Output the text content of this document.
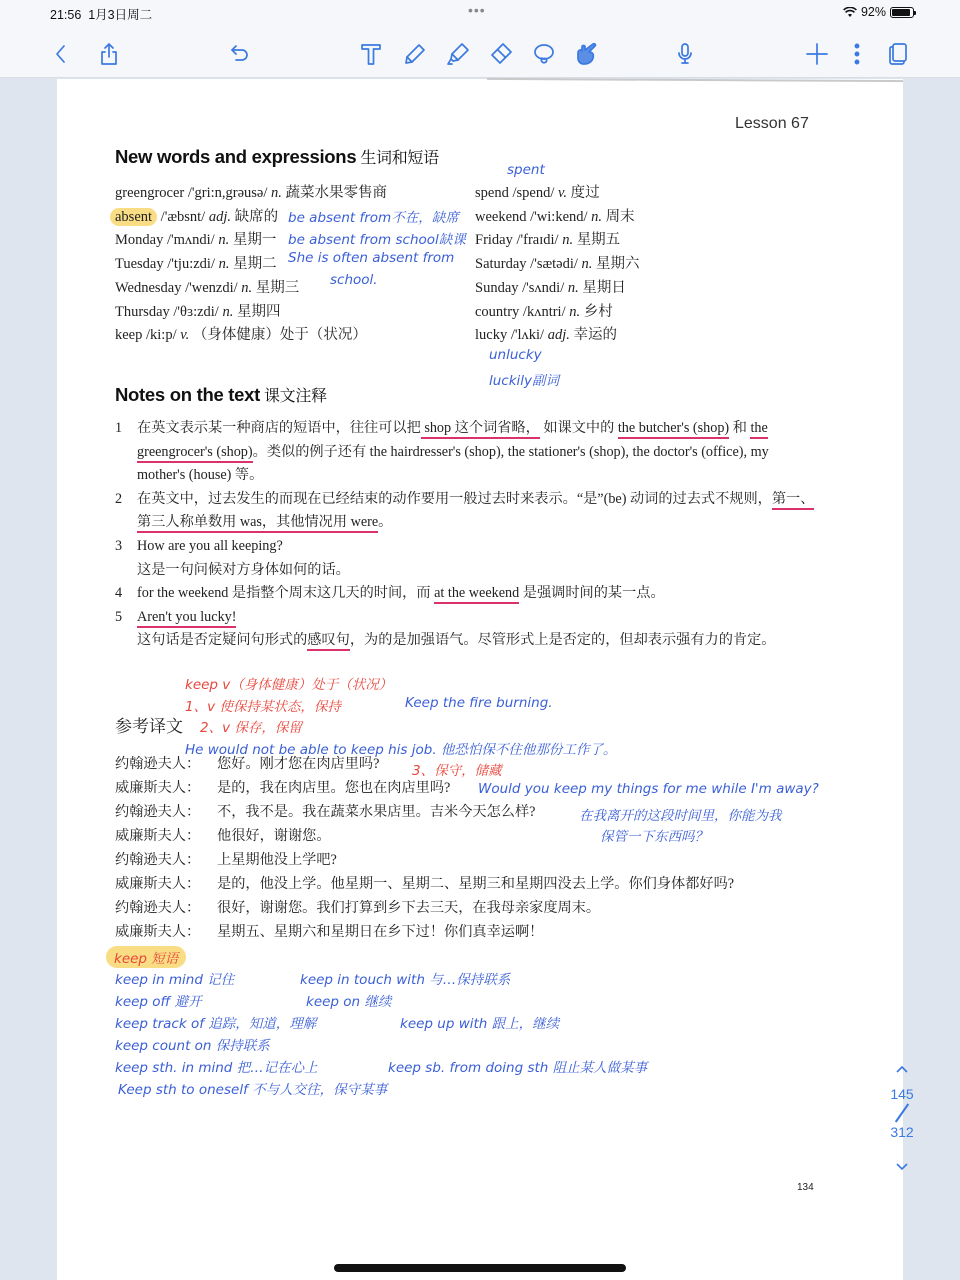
21:56 1月3日周二	•••	92%
Lesson 67
New words and expressions 生词和短语
greengrocer /'gri:n,grəusə/ n. 蔬菜水果零售商
absent /'æbsnt/ adj. 缺席的
Monday /'mʌndi/ n. 星期一
Tuesday /'tju:zdi/ n. 星期二
Wednesday /'wenzdi/ n. 星期三
Thursday /'θɜ:zdi/ n. 星期四
keep /ki:p/ v. （身体健康）处于（状况）
spend /spend/ v. 度过
weekend /'wi:kend/ n. 周末
Friday /'fraɪdi/ n. 星期五
Saturday /'sætədi/ n. 星期六
Sunday /'sʌndi/ n. 星期日
country /kʌntri/ n. 乡村
lucky /'lʌki/ adj. 幸运的
spent
be absent from不在，缺席
be absent from school缺课
She is often absent from
school.
unlucky
luckily副词
Notes on the text 课文注释
1 在英文表示某一种商店的短语中，往往可以把 shop 这个词省略， 如课文中的 the butcher's (shop) 和 the greengrocer's (shop)。类似的例子还有 the hairdresser's (shop), the stationer's (shop), the doctor's (office), my mother's (house) 等。
2 在英文中，过去发生的而现在已经结束的动作要用一般过去时来表示。“是”(be) 动词的过去式不规则，第一、第三人称单数用 was，其他情况用 were。
3 How are you all keeping?
这是一句问候对方身体如何的话。
4 for the weekend 是指整个周末这几天的时间，而 at the weekend 是强调时间的某一点。
5 Aren't you lucky!
这句话是否定疑问句形式的感叹句，为的是加强语气。尽管形式上是否定的，但却表示强有力的肯定。
keep v（身体健康）处于（状况）
1、v 使保持某状态，保持	Keep the fire burning.
2、v 保存，保留
He would not be able to keep his job. 他恐怕保不住他那份工作了。
3、保守，储藏
Would you keep my things for me while I'm away?
在我离开的这段时间里，你能为我
保管一下东西吗？
参考译文
约翰逊夫人： 您好。刚才您在肉店里吗?
威廉斯夫人： 是的，我在肉店里。您也在肉店里吗?
约翰逊夫人： 不，我不是。我在蔬菜水果店里。吉米今天怎么样?
威廉斯夫人： 他很好，谢谢您。
约翰逊夫人： 上星期他没上学吧?
威廉斯夫人： 是的，他没上学。他星期一、星期二、星期三和星期四没去上学。你们身体都好吗?
约翰逊夫人： 很好，谢谢您。我们打算到乡下去三天，在我母亲家度周末。
威廉斯夫人： 星期五、星期六和星期日在乡下过！你们真幸运啊！
keep 短语
keep in mind 记住	keep in touch with 与…保持联系
keep off 避开	keep on 继续
keep track of 追踪，知道，理解	keep up with 跟上，继续
keep count on 保持联系
keep sth. in mind 把…记在心上	keep sb. from doing sth 阻止某人做某事
Keep sth to oneself 不与人交往，保守某事
134
145
312
